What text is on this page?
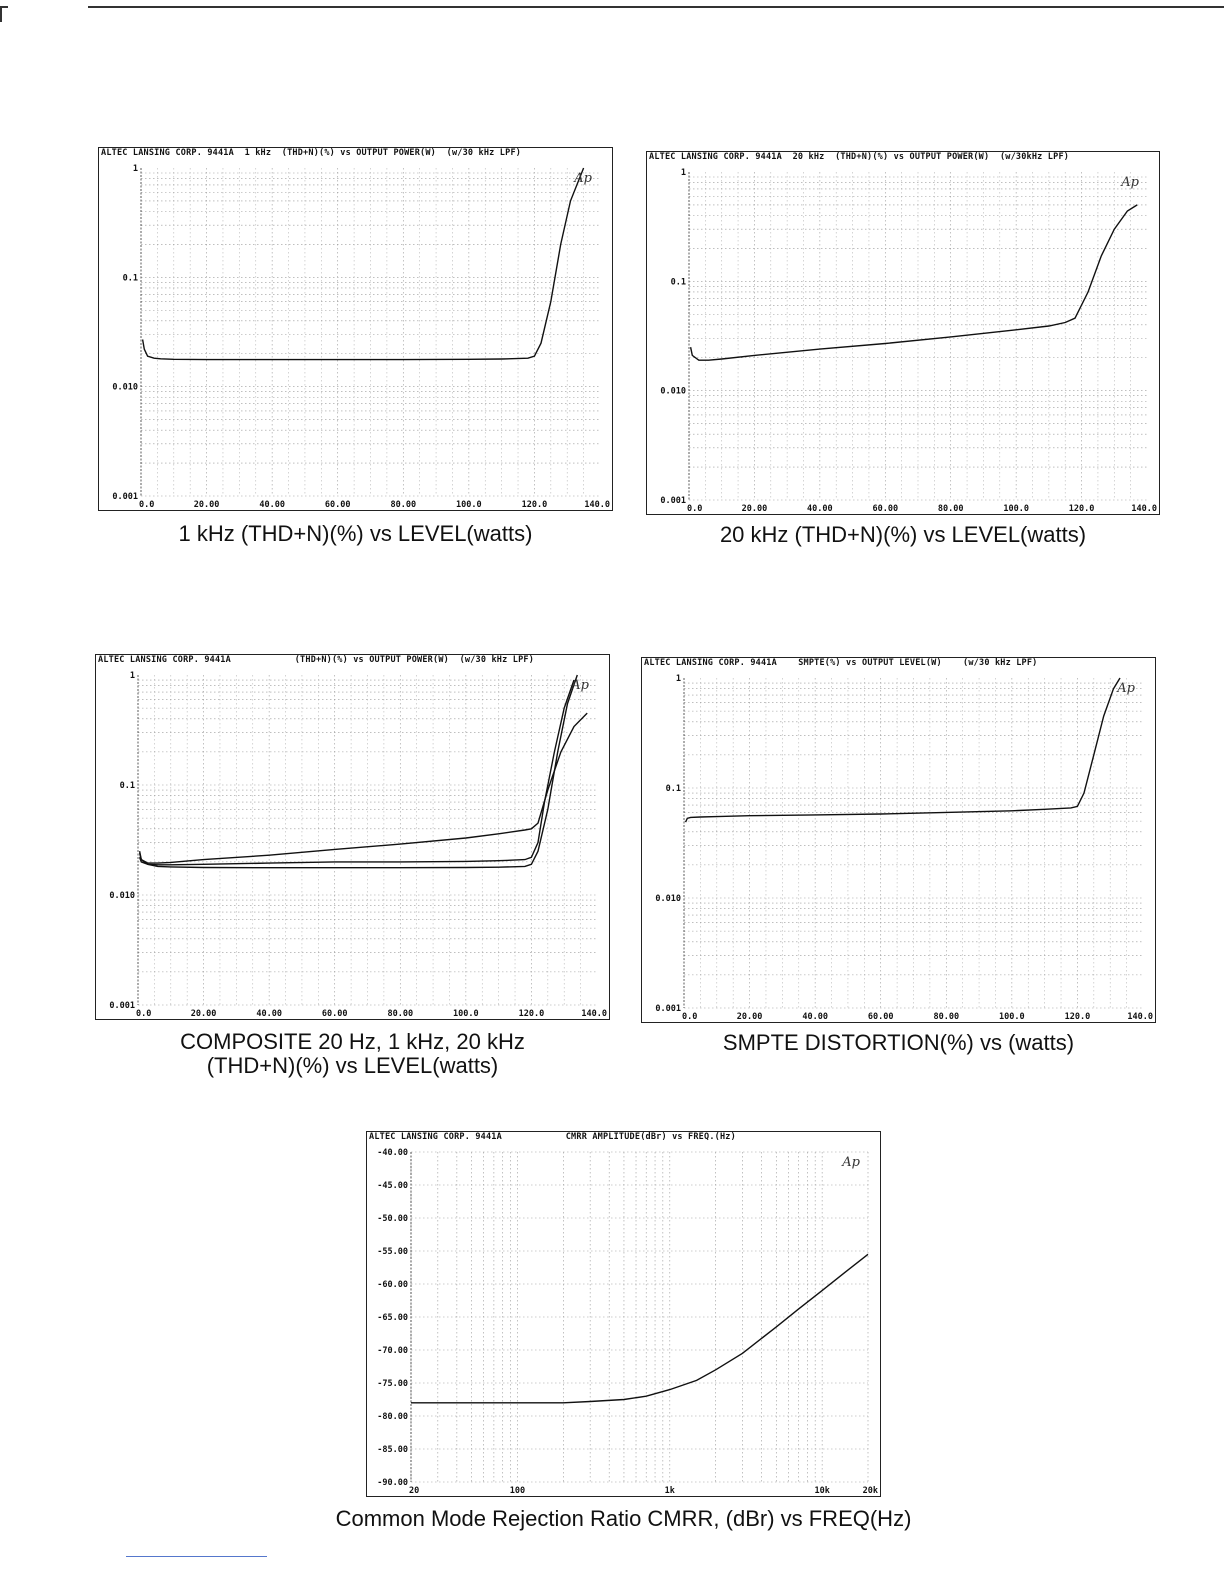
ALTEC LANSING CORP. 9441A  1 kHz  (THD+N)(%) vs OUTPUT POWER(W)  (w/30 kHz LPF)
1
0.1
0.010
0.001
0.0	20.00	40.00	60.00	80.00	100.0	120.0	140.0
Ap
1 kHz (THD+N)(%) vs LEVEL(watts)
ALTEC LANSING CORP. 9441A  20 kHz  (THD+N)(%) vs OUTPUT POWER(W)  (w/30kHz LPF)
1
0.1
0.010
0.001
0.0	20.00	40.00	60.00	80.00	100.0	120.0	140.0
Ap
20 kHz (THD+N)(%) vs LEVEL(watts)
ALTEC LANSING CORP. 9441A            (THD+N)(%) vs OUTPUT POWER(W)  (w/30 kHz LPF)
1
0.1
0.010
0.001
0.0	20.00	40.00	60.00	80.00	100.0	120.0	140.0
Ap
COMPOSITE 20 Hz, 1 kHz, 20 kHz
(THD+N)(%) vs LEVEL(watts)
ALTEC LANSING CORP. 9441A    SMPTE(%) vs OUTPUT LEVEL(W)    (w/30 kHz LPF)
1
0.1
0.010
0.001
0.0	20.00	40.00	60.00	80.00	100.0	120.0	140.0
Ap
SMPTE DISTORTION(%) vs (watts)
ALTEC LANSING CORP. 9441A            CMRR AMPLITUDE(dBr) vs FREQ.(Hz)
-40.00
-45.00
-50.00
-55.00
-60.00
-65.00
-70.00
-75.00
-80.00
-85.00
-90.00
20	100	1k	10k	20k
Ap
Common Mode Rejection Ratio CMRR, (dBr) vs FREQ(Hz)
